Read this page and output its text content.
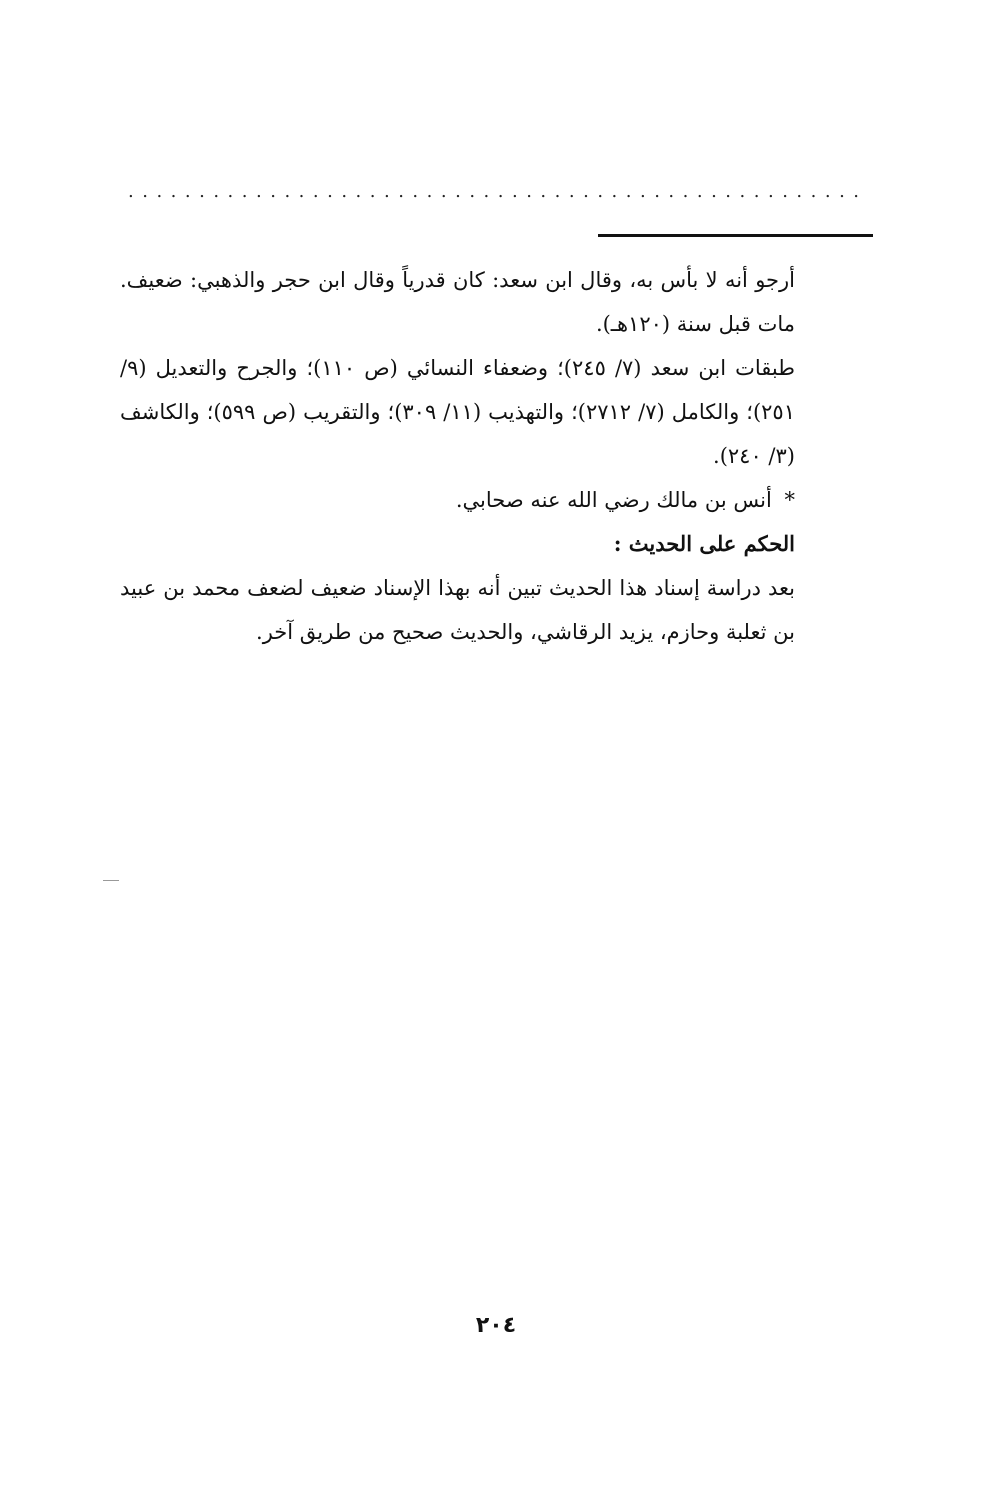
....................................................

أرجو أنه لا بأس به، وقال ابن سعد: كان قدرياً وقال ابن حجر والذهبي: ضعيف. مات قبل سنة (١٢٠هـ).

طبقات ابن سعد (٧/ ٢٤٥)؛ وضعفاء النسائي (ص ١١٠)؛ والجرح والتعديل (٩/ ٢٥١)؛ والكامل (٧/ ٢٧١٢)؛ والتهذيب (١١/ ٣٠٩)؛ والتقريب (ص ٥٩٩)؛ والكاشف (٣/ ٢٤٠).

* أنس بن مالك رضي الله عنه صحابي.

الحكم على الحديث :

بعد دراسة إسناد هذا الحديث تبين أنه بهذا الإسناد ضعيف لضعف محمد بن عبيد بن ثعلبة وحازم، يزيد الرقاشي، والحديث صحيح من طريق آخر.

٢٠٤
